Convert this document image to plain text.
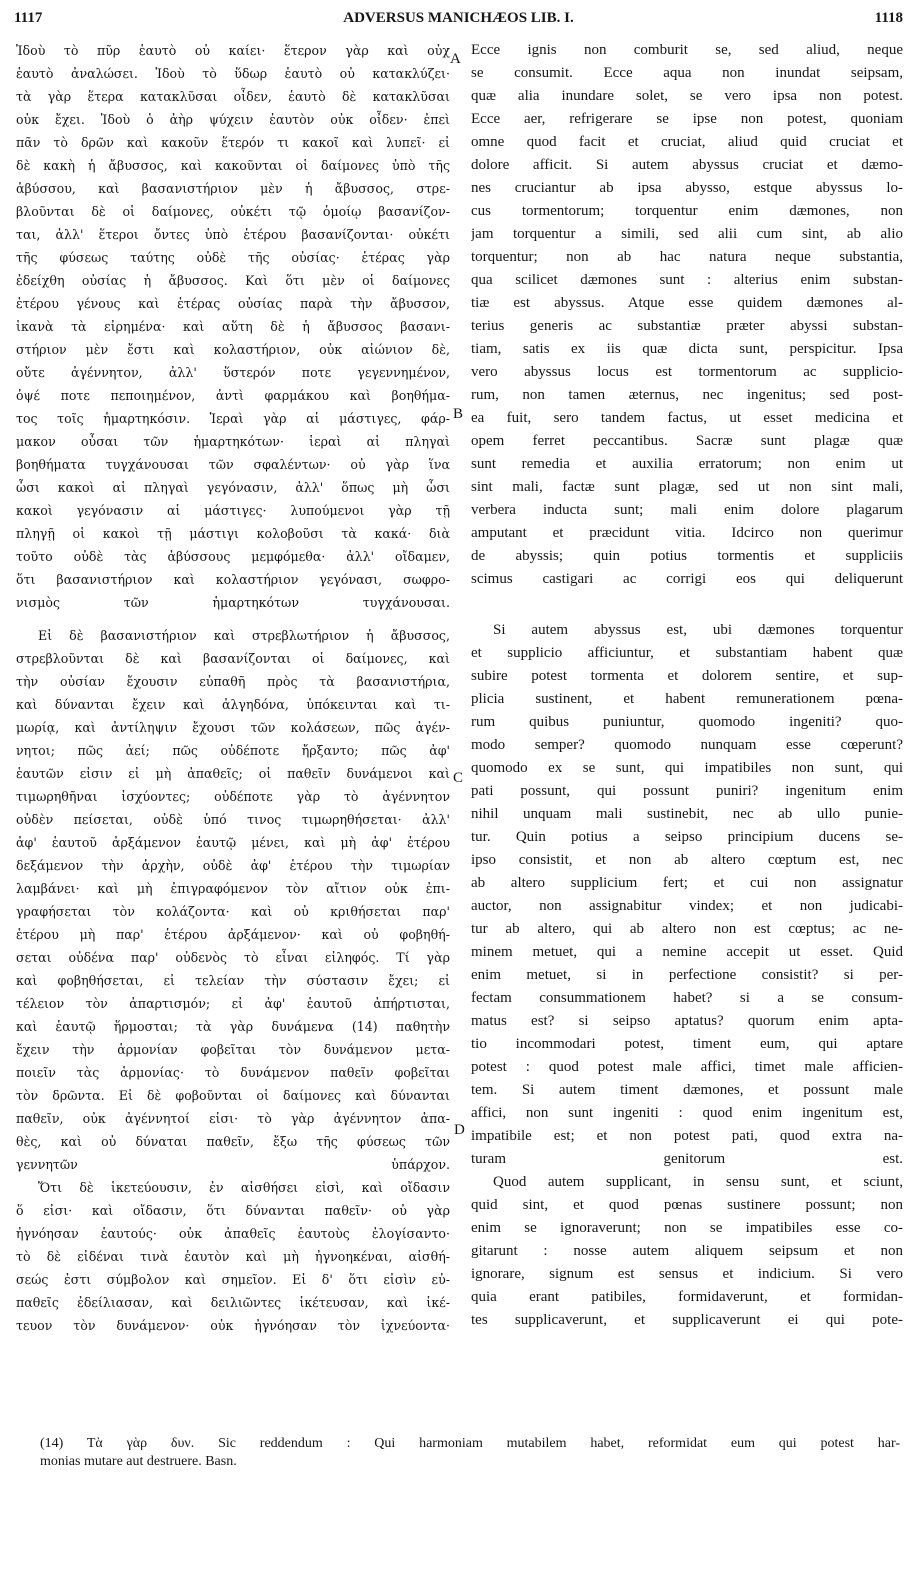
1117	ADVERSUS MANICHÆOS LIB. I.	1118
A
B
C
D

Ἰδοὺ τὸ πῦρ ἑαυτὸ οὐ καίει· ἕτερον γὰρ καὶ οὐχ

ἑαυτὸ ἀναλώσει. Ἰδοὺ τὸ ὕδωρ ἑαυτὸ οὐ κατακλύζει·

τὰ γὰρ ἕτερα κατακλῦσαι οἶδεν, ἑαυτὸ δὲ κατακλῦσαι

οὐκ ἔχει. Ἰδοὺ ὁ ἀὴρ ψύχειν ἑαυτὸν οὐκ οἶδεν· ἐπεὶ

πᾶν τὸ δρῶν καὶ κακοῦν ἕτερόν τι κακοῖ καὶ λυπεῖ· εἰ

δὲ κακὴ ἡ ἄβυσσος, καὶ κακοῦνται οἱ δαίμονες ὑπὸ τῆς

ἀβύσσου, καὶ βασανιστήριον μὲν ἡ ἄβυσσος, στρε-

βλοῦνται δὲ οἱ δαίμονες, οὐκέτι τῷ ὁμοίῳ βασανίζον-

ται, ἀλλ' ἕτεροι ὄντες ὑπὸ ἑτέρου βασανίζονται· οὐκέτι

τῆς φύσεως ταύτης οὐδὲ τῆς οὐσίας· ἑτέρας γὰρ

ἐδείχθη οὐσίας ἡ ἄβυσσος. Καὶ ὅτι μὲν οἱ δαίμονες

ἑτέρου γένους καὶ ἑτέρας οὐσίας παρὰ τὴν ἄβυσσον,

ἱκανὰ τὰ εἰρημένα· καὶ αὕτη δὲ ἡ ἄβυσσος βασανι-

στήριον μὲν ἔστι καὶ κολαστήριον, οὐκ αἰώνιον δὲ,

οὔτε ἀγέννητον, ἀλλ' ὕστερόν ποτε γεγεννημένον,

ὀψέ ποτε πεποιημένον, ἀντὶ φαρμάκου καὶ βοηθήμα-

τος τοῖς ἡμαρτηκόσιν. Ἱεραὶ γὰρ αἱ μάστιγες, φάρ-

μακον οὖσαι τῶν ἡμαρτηκότων· ἱεραὶ αἱ πληγαὶ

βοηθήματα τυγχάνουσαι τῶν σφαλέντων· οὐ γὰρ ἵνα

ὦσι κακοὶ αἱ πληγαὶ γεγόνασιν, ἀλλ' ὅπως μὴ ὦσι

κακοὶ γεγόνασιν αἱ μάστιγες· λυπούμενοι γὰρ τῇ

πληγῇ οἱ κακοὶ τῇ μάστιγι κολοβοῦσι τὰ κακά· διὰ

τοῦτο οὐδὲ τὰς ἀβύσσους μεμφόμεθα· ἀλλ' οἴδαμεν,

ὅτι βασανιστήριον καὶ κολαστήριον γεγόνασι, σωφρο-

νισμὸς τῶν ἡμαρτηκότων τυγχάνουσαι.

Εἰ δὲ βασανιστήριον καὶ στρεβλωτήριον ἡ ἄβυσσος,

στρεβλοῦνται δὲ καὶ βασανίζονται οἱ δαίμονες, καὶ

τὴν οὐσίαν ἔχουσιν εὐπαθῆ πρὸς τὰ βασανιστήρια,

καὶ δύνανται ἔχειν καὶ ἀλγηδόνα, ὑπόκεινται καὶ τι-

μωρίᾳ, καὶ ἀντίληψιν ἔχουσι τῶν κολάσεων, πῶς ἀγέν-

νητοι; πῶς ἀεί; πῶς οὐδέποτε ἤρξαντο; πῶς ἀφ'

ἑαυτῶν εἰσιν εἰ μὴ ἀπαθεῖς; οἱ παθεῖν δυνάμενοι καὶ

τιμωρηθῆναι ἰσχύοντες; οὐδέποτε γὰρ τὸ ἀγέννητον

οὐδὲν πείσεται, οὐδὲ ὑπό τινος τιμωρηθήσεται· ἀλλ'

ἀφ' ἑαυτοῦ ἀρξάμενον ἑαυτῷ μένει, καὶ μὴ ἀφ' ἑτέρου

δεξάμενον τὴν ἀρχὴν, οὐδὲ ἀφ' ἑτέρου τὴν τιμωρίαν

λαμβάνει· καὶ μὴ ἐπιγραφόμενον τὸν αἴτιον οὐκ ἐπι-

γραφήσεται τὸν κολάζοντα· καὶ οὐ κριθήσεται παρ'

ἑτέρου μὴ παρ' ἑτέρου ἀρξάμενον· καὶ οὐ φοβηθή-

σεται οὐδένα παρ' οὐδενὸς τὸ εἶναι εἰληφός. Τί γὰρ

καὶ φοβηθήσεται, εἰ τελείαν τὴν σύστασιν ἔχει; εἰ

τέλειον τὸν ἀπαρτισμόν; εἰ ἀφ' ἑαυτοῦ ἀπήρτισται,

καὶ ἑαυτῷ ἥρμοσται; τὰ γὰρ δυνάμενα (14) παθητὴν

ἔχειν τὴν ἁρμονίαν φοβεῖται τὸν δυνάμενον μετα-

ποιεῖν τὰς ἁρμονίας· τὸ δυνάμενον παθεῖν φοβεῖται

τὸν δρῶντα. Εἰ δὲ φοβοῦνται οἱ δαίμονες καὶ δύνανται

παθεῖν, οὐκ ἀγέννητοί εἰσι· τὸ γὰρ ἀγέννητον ἀπα-

θὲς, καὶ οὐ δύναται παθεῖν, ἔξω τῆς φύσεως τῶν

γεννητῶν ὑπάρχον.

Ὅτι δὲ ἱκετεύουσιν, ἐν αἰσθήσει εἰσὶ, καὶ οἴδασιν

ὅ εἰσι· καὶ οἴδασιν, ὅτι δύνανται παθεῖν· οὐ γὰρ

ἠγνόησαν ἑαυτούς· οὐκ ἀπαθεῖς ἑαυτοὺς ἐλογίσαντο·

τὸ δὲ εἰδέναι τινὰ ἑαυτὸν καὶ μὴ ἠγνοηκέναι, αἰσθή-

σεώς ἐστι σύμβολον καὶ σημεῖον. Εἰ δ' ὅτι εἰσὶν εὐ-

παθεῖς ἐδείλιασαν, καὶ δειλιῶντες ἱκέτευσαν, καὶ ἱκέ-

τευον τὸν δυνάμενον· οὐκ ἠγνόησαν τὸν ἰχνεύοντα·

Ecce ignis non comburit se, sed aliud, neque

se consumit. Ecce aqua non inundat seipsam,

quæ alia inundare solet, se vero ipsa non potest.

Ecce aer, refrigerare se ipse non potest, quoniam

omne quod facit et cruciat, aliud quid cruciat et

dolore afficit. Si autem abyssus cruciat et dæmo-

nes cruciantur ab ipsa abysso, estque abyssus lo-

cus tormentorum; torquentur enim dæmones, non

jam torquentur a simili, sed alii cum sint, ab alio

torquentur; non ab hac natura neque substantia,

qua scilicet dæmones sunt : alterius enim substan-

tiæ est abyssus. Atque esse quidem dæmones al-

terius generis ac substantiæ præter abyssi substan-

tiam, satis ex iis quæ dicta sunt, perspicitur. Ipsa

vero abyssus locus est tormentorum ac supplicio-

rum, non tamen æternus, nec ingenitus; sed post-

ea fuit, sero tandem factus, ut esset medicina et

opem ferret peccantibus. Sacræ sunt plagæ quæ

sunt remedia et auxilia erratorum; non enim ut

sint mali, factæ sunt plagæ, sed ut non sint mali,

verbera inducta sunt; mali enim dolore plagarum

amputant et præcidunt vitia. Idcirco non querimur

de abyssis; quin potius tormentis et suppliciis

scimus castigari ac corrigi eos qui deliquerunt

Si autem abyssus est, ubi dæmones torquentur

et supplicio afficiuntur, et substantiam habent quæ

subire potest tormenta et dolorem sentire, et sup-

plicia sustinent, et habent remunerationem pœna-

rum quibus puniuntur, quomodo ingeniti? quo-

modo semper? quomodo nunquam esse cœperunt?

quomodo ex se sunt, qui impatibiles non sunt, qui

pati possunt, qui possunt puniri? ingenitum enim

nihil unquam mali sustinebit, nec ab ullo punie-

tur. Quin potius a seipso principium ducens se-

ipso consistit, et non ab altero cœptum est, nec

ab altero supplicium fert; et cui non assignatur

auctor, non assignabitur vindex; et non judicabi-

tur ab altero, qui ab altero non est cœptus; ac ne-

minem metuet, qui a nemine accepit ut esset. Quid

enim metuet, si in perfectione consistit? si per-

fectam consummationem habet? si a se consum-

matus est? si seipso aptatus? quorum enim apta-

tio incommodari potest, timent eum, qui aptare

potest : quod potest male affici, timet male afficien-

tem. Si autem timent dæmones, et possunt male

affici, non sunt ingeniti : quod enim ingenitum est,

impatibile est; et non potest pati, quod extra na-

turam genitorum est.

Quod autem supplicant, in sensu sunt, et sciunt,

quid sint, et quod pœnas sustinere possunt; non

enim se ignoraverunt; non se impatibiles esse co-

gitarunt : nosse autem aliquem seipsum et non

ignorare, signum est sensus et indicium. Si vero

quia erant patibiles, formidaverunt, et formidan-

tes supplicaverunt, et supplicaverunt ei qui pote-

(14) Τὰ γὰρ δυν. Sic reddendum : Qui harmoniam mutabilem habet, reformidat eum qui potest har-

monias mutare aut destruere. Basn.
